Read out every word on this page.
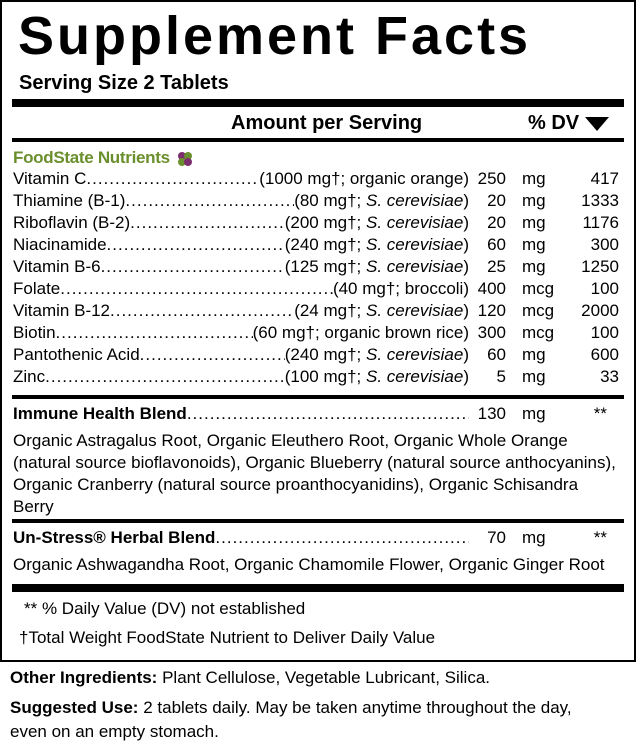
Supplement Facts
Serving Size 2 Tablets
Amount per Serving	% DV
FoodState Nutrients
Vitamin C .....	(1000 mg†; organic orange) 250 mg	417
Thiamine (B-1) .....	(80 mg†; S. cerevisiae)	20 mg	1333
Riboflavin (B-2) .....	(200 mg†; S. cerevisiae)	20 mg	1176
Niacinamide .....	(240 mg†; S. cerevisiae)	60 mg	300
Vitamin B-6 .....	(125 mg†; S. cerevisiae)	25 mg	1250
Folate .....	(40 mg†; broccoli) 400 mcg	100
Vitamin B-12 .....	(24 mg†; S. cerevisiae) 120 mcg	2000
Biotin .....	(60 mg†; organic brown rice) 300 mcg	100
Pantothenic Acid .....	(240 mg†; S. cerevisiae)	60 mg	600
Zinc .....	(100 mg†; S. cerevisiae)	5 mg	33
Immune Health Blend .....	130 mg	**
Organic Astragalus Root, Organic Eleuthero Root, Organic Whole Orange (natural source bioflavonoids), Organic Blueberry (natural source anthocyanins), Organic Cranberry (natural source proanthocyanidins), Organic Schisandra Berry
Un-Stress® Herbal Blend .....	70 mg	**
Organic Ashwagandha Root, Organic Chamomile Flower, Organic Ginger Root
** % Daily Value (DV) not established
†Total Weight FoodState Nutrient to Deliver Daily Value
Other Ingredients: Plant Cellulose, Vegetable Lubricant, Silica.
Suggested Use: 2 tablets daily. May be taken anytime throughout the day, even on an empty stomach.
